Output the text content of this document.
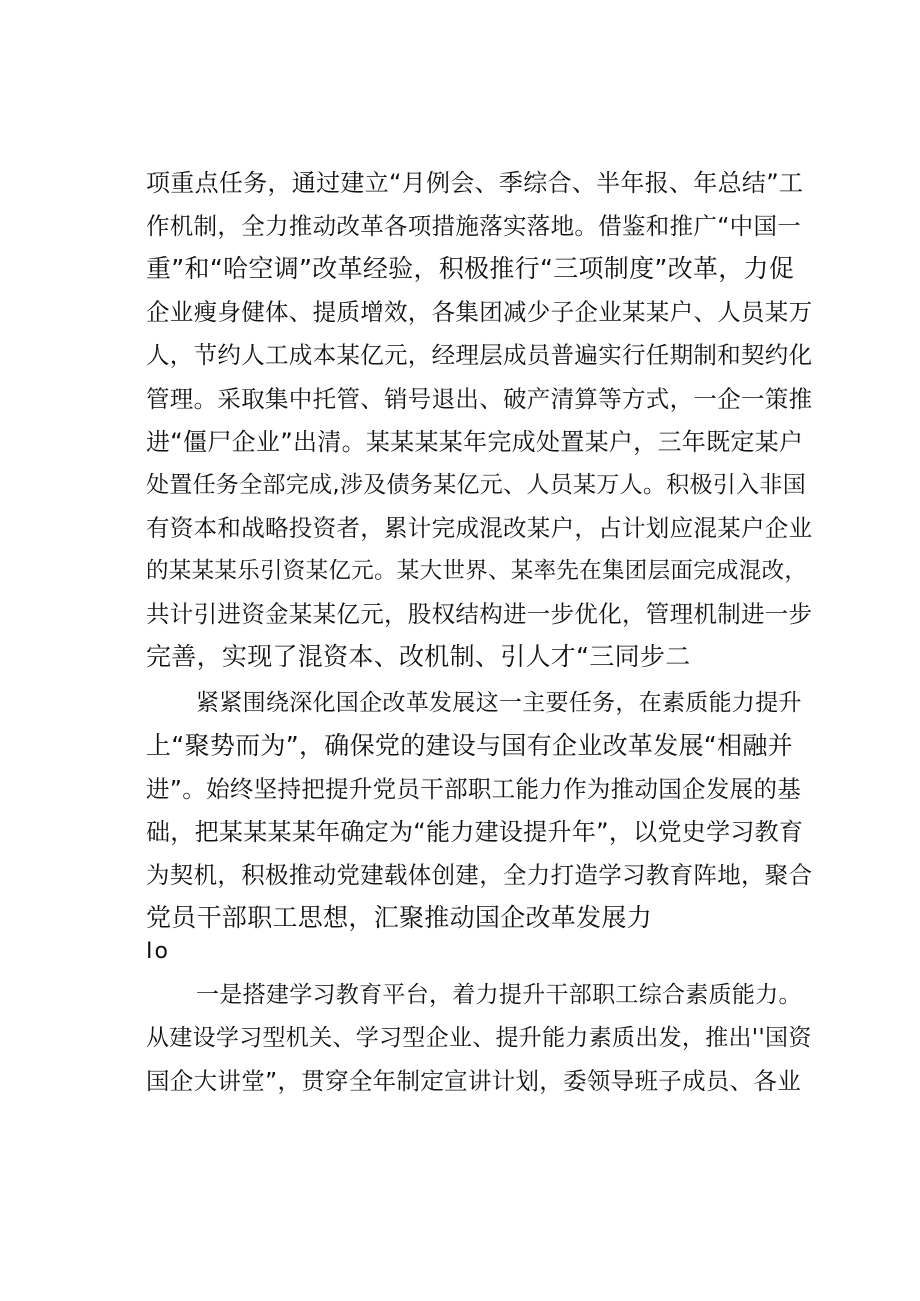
项重点任务，通过建立“月例会、季综合、半年报、年总结”工
作机制，全力推动改革各项措施落实落地。借鉴和推广“中国一
重”和“哈空调”改革经验，积极推行“三项制度”改革，力促
企业瘦身健体、提质增效，各集团减少子企业某某户、人员某万
人，节约人工成本某亿元，经理层成员普遍实行任期制和契约化
管理。采取集中托管、销号退出、破产清算等方式，一企一策推
进“僵尸企业”出清。某某某某年完成处置某户，三年既定某户
处置任务全部完成,涉及债务某亿元、人员某万人。积极引入非国
有资本和战略投资者，累计完成混改某户，占计划应混某户企业
的某某某乐引资某亿元。某大世界、某率先在集团层面完成混改，
共计引进资金某某亿元，股权结构进一步优化，管理机制进一步
完善，实现了混资本、改机制、引人才“三同步二
紧紧围绕深化国企改革发展这一主要任务，在素质能力提升
上“聚势而为”，确保党的建设与国有企业改革发展“相融并
进”。始终坚持把提升党员干部职工能力作为推动国企发展的基
础，把某某某某年确定为“能力建设提升年”，以党史学习教育
为契机，积极推动党建载体创建，全力打造学习教育阵地，聚合
党员干部职工思想，汇聚推动国企改革发展力
Io
一是搭建学习教育平台，着力提升干部职工综合素质能力。
从建设学习型机关、学习型企业、提升能力素质出发，推出''国资
国企大讲堂”，贯穿全年制定宣讲计划，委领导班子成员、各业
